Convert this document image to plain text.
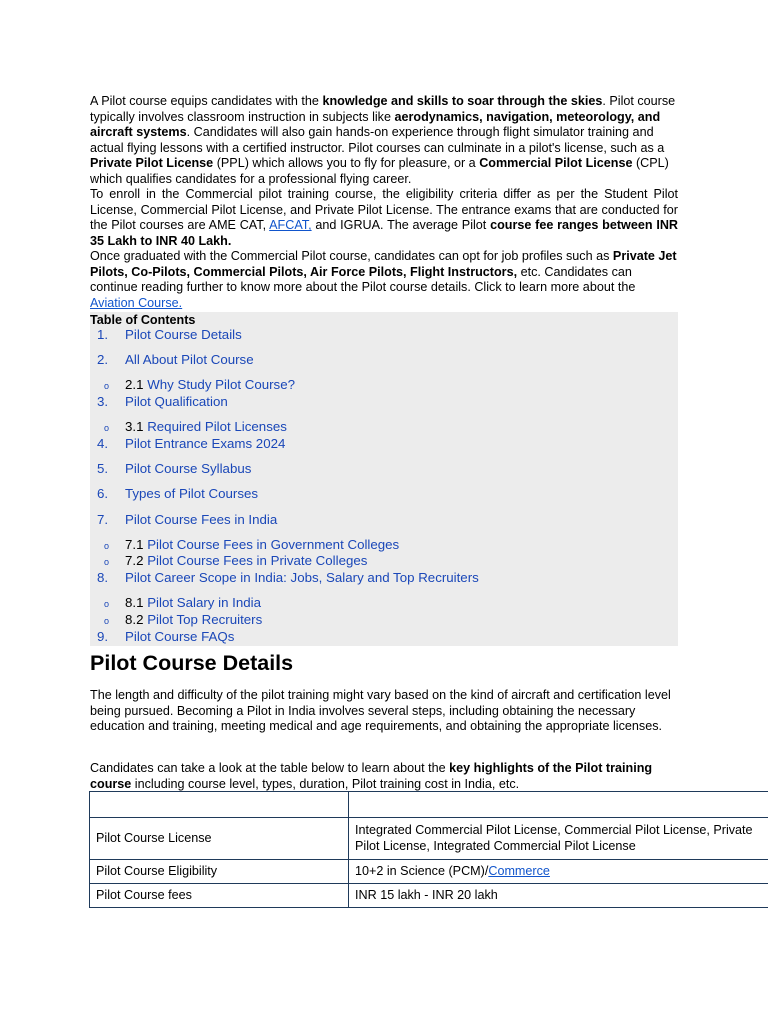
A Pilot course equips candidates with the knowledge and skills to soar through the skies. Pilot course typically involves classroom instruction in subjects like aerodynamics, navigation, meteorology, and aircraft systems. Candidates will also gain hands-on experience through flight simulator training and actual flying lessons with a certified instructor. Pilot courses can culminate in a pilot's license, such as a Private Pilot License (PPL) which allows you to fly for pleasure, or a Commercial Pilot License (CPL) which qualifies candidates for a professional flying career.

To enroll in the Commercial pilot training course, the eligibility criteria differ as per the Student Pilot License, Commercial Pilot License, and Private Pilot License. The entrance exams that are conducted for the Pilot courses are AME CAT, AFCAT, and IGRUA. The average Pilot course fee ranges between INR 35 Lakh to INR 40 Lakh.

Once graduated with the Commercial Pilot course, candidates can opt for job profiles such as Private Jet Pilots, Co-Pilots, Commercial Pilots, Air Force Pilots, Flight Instructors, etc. Candidates can continue reading further to know more about the Pilot course details. Click to learn more about the Aviation Course.

Table of Contents
1. Pilot Course Details
2. All About Pilot Course
o 2.1 Why Study Pilot Course?
3. Pilot Qualification
o 3.1 Required Pilot Licenses
4. Pilot Entrance Exams 2024
5. Pilot Course Syllabus
6. Types of Pilot Courses
7. Pilot Course Fees in India
o 7.1 Pilot Course Fees in Government Colleges
o 7.2 Pilot Course Fees in Private Colleges
8. Pilot Career Scope in India: Jobs, Salary and Top Recruiters
o 8.1 Pilot Salary in India
o 8.2 Pilot Top Recruiters
9. Pilot Course FAQs
Pilot Course Details

The length and difficulty of the pilot training might vary based on the kind of aircraft and certification level being pursued. Becoming a Pilot in India involves several steps, including obtaining the necessary education and training, meeting medical and age requirements, and obtaining the appropriate licenses.

Candidates can take a look at the table below to learn about the key highlights of the Pilot training course including course level, types, duration, Pilot training cost in India, etc.

Pilot Course License	Integrated Commercial Pilot License, Commercial Pilot License, Private Pilot License, Integrated Commercial Pilot License
Pilot Course Eligibility	10+2 in Science (PCM)/Commerce
Pilot Course fees	INR 15 lakh - INR 20 lakh
